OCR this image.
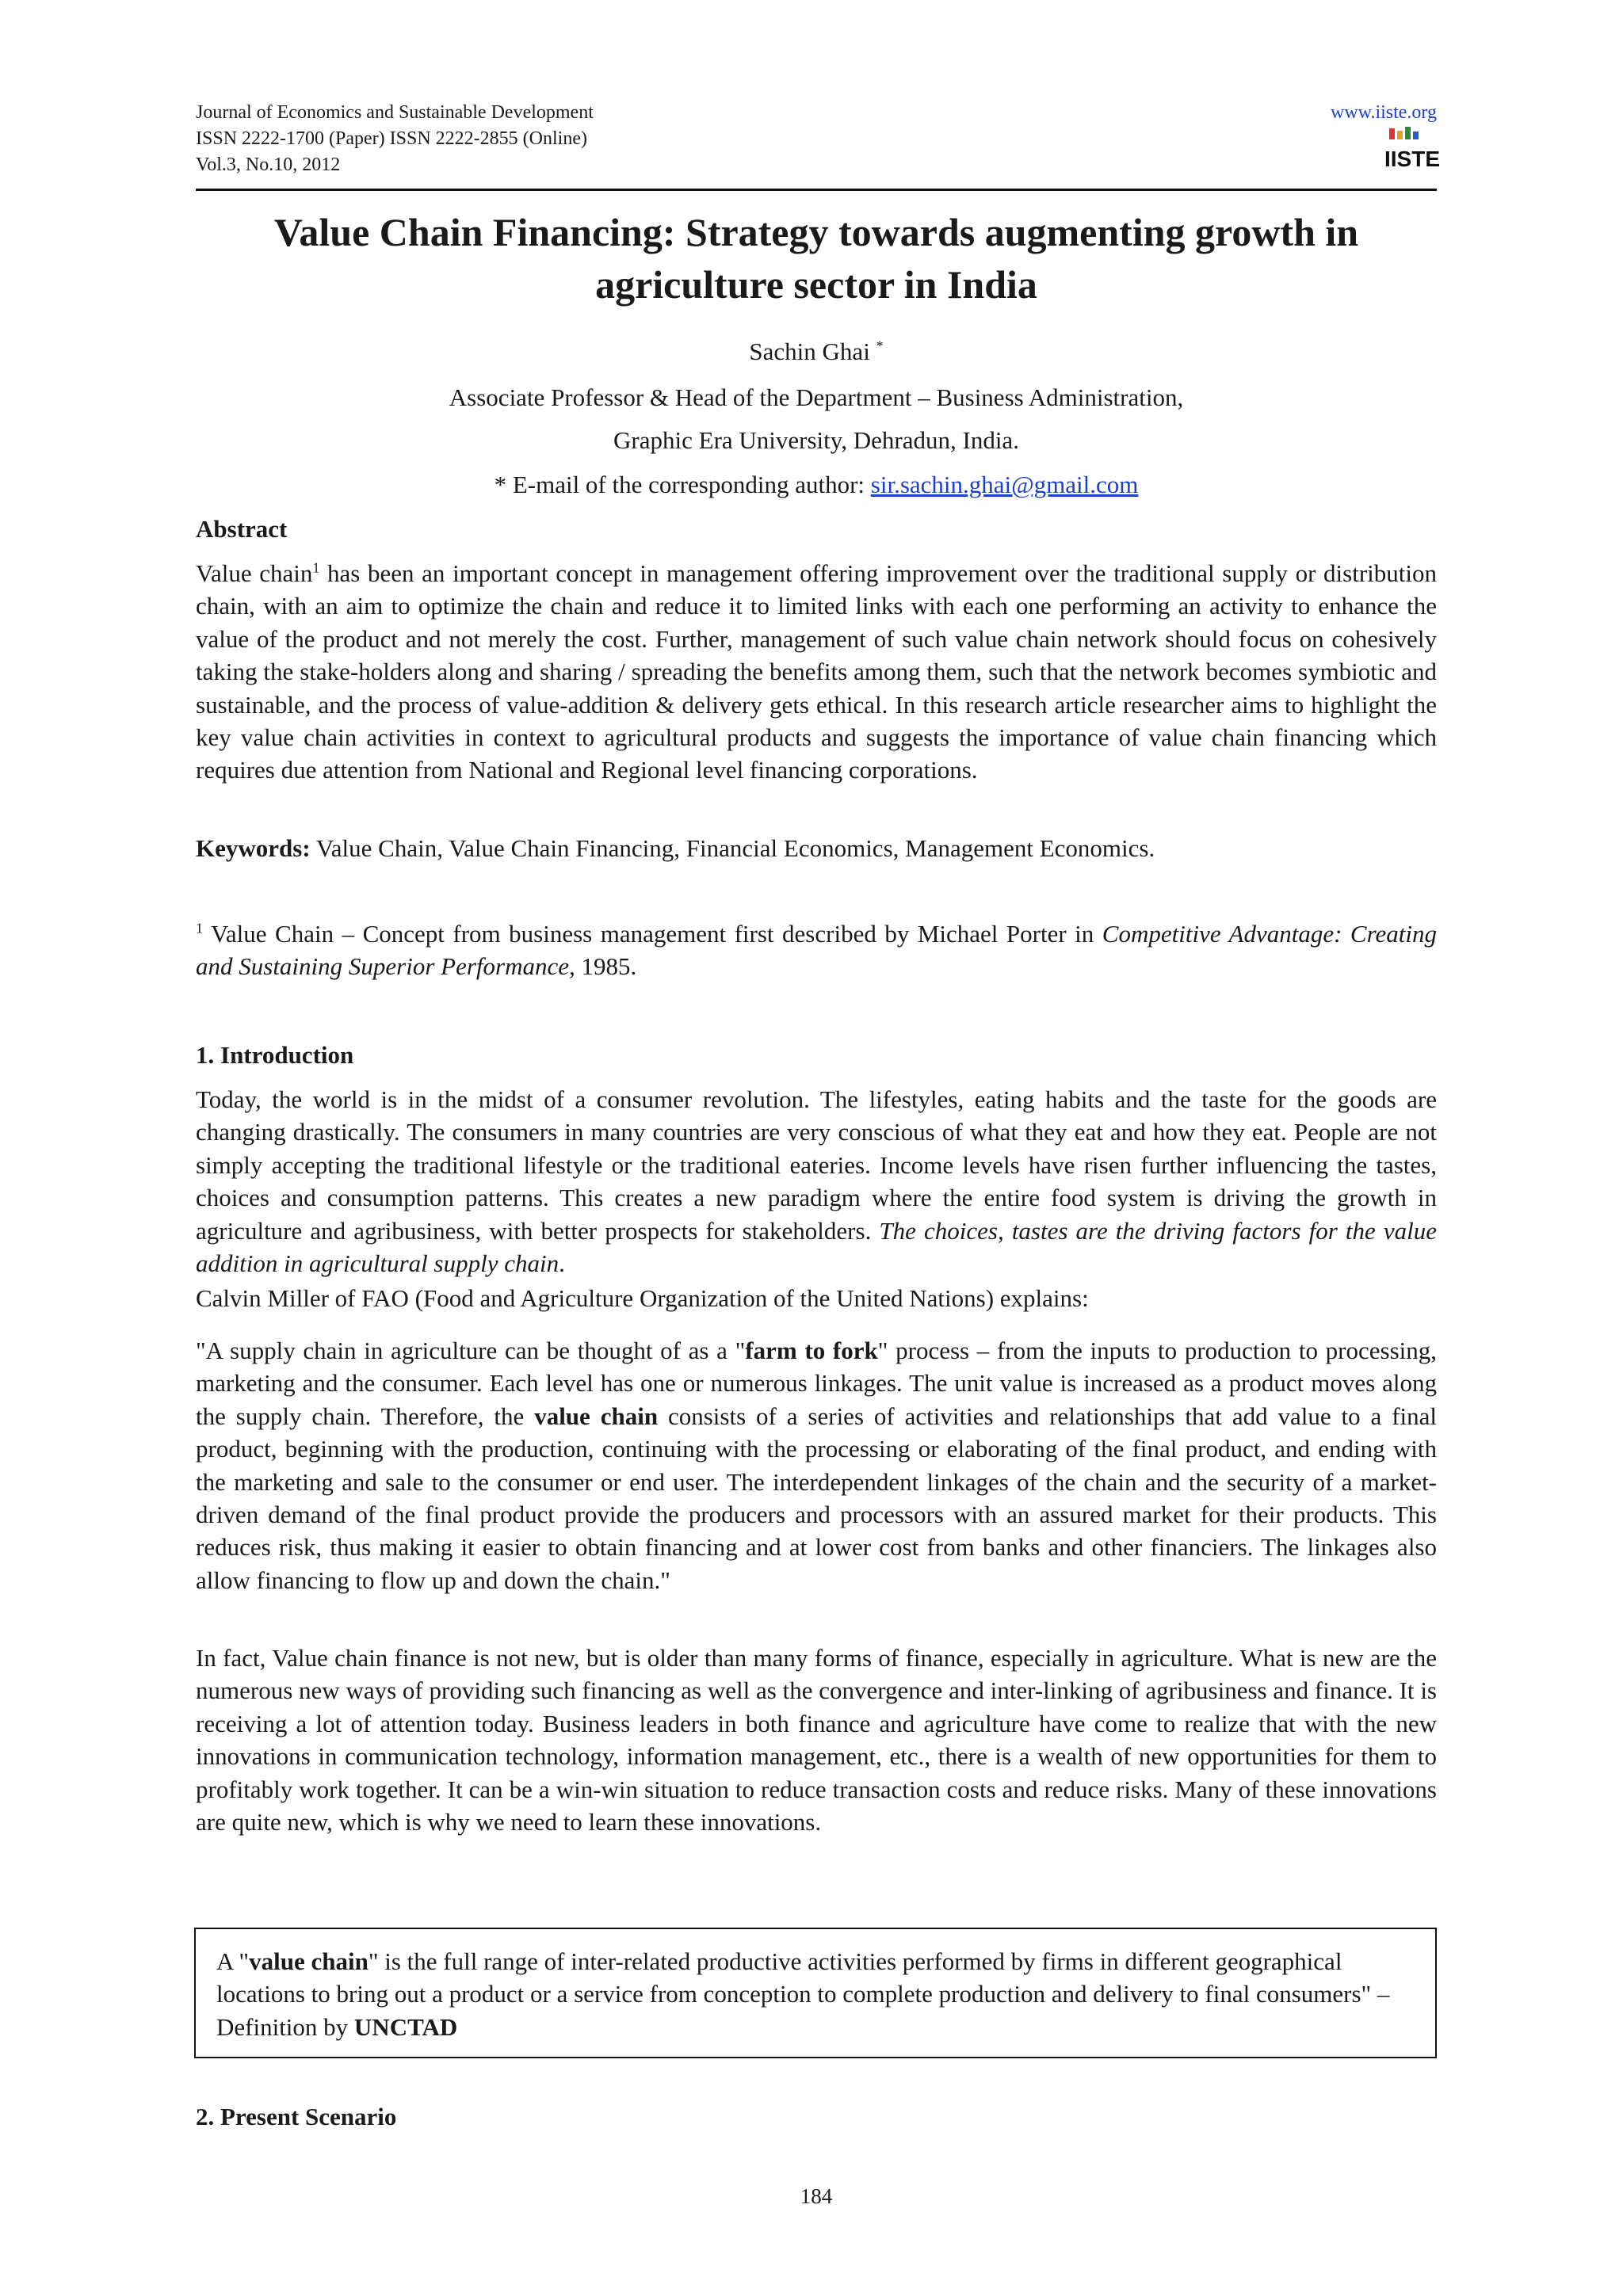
Journal of Economics and Sustainable Development
ISSN 2222-1700 (Paper) ISSN 2222-2855 (Online)
Vol.3, No.10, 2012
www.iiste.org
IISTE
Value Chain Financing: Strategy towards augmenting growth in
agriculture sector in India
Sachin Ghai *
Associate Professor & Head of the Department – Business Administration,
Graphic Era University, Dehradun, India.
* E-mail of the corresponding author: sir.sachin.ghai@gmail.com
Abstract
Value chain$^1$ has been an important concept in management offering improvement over the traditional supply or distribution chain, with an aim to optimize the chain and reduce it to limited links with each one performing an activity to enhance the value of the product and not merely the cost. Further, management of such value chain network should focus on cohesively taking the stake-holders along and sharing / spreading the benefits among them, such that the network becomes symbiotic and sustainable, and the process of value-addition & delivery gets ethical. In this research article researcher aims to highlight the key value chain activities in context to agricultural products and suggests the importance of value chain financing which requires due attention from National and Regional level financing corporations.
Keywords: Value Chain, Value Chain Financing, Financial Economics, Management Economics.
$^1$ Value Chain – Concept from business management first described by Michael Porter in Competitive Advantage: Creating and Sustaining Superior Performance, 1985.
1. Introduction
Today, the world is in the midst of a consumer revolution. The lifestyles, eating habits and the taste for the goods are changing drastically. The consumers in many countries are very conscious of what they eat and how they eat. People are not simply accepting the traditional lifestyle or the traditional eateries. Income levels have risen further influencing the tastes, choices and consumption patterns. This creates a new paradigm where the entire food system is driving the growth in agriculture and agribusiness, with better prospects for stakeholders. The choices, tastes are the driving factors for the value addition in agricultural supply chain.
Calvin Miller of FAO (Food and Agriculture Organization of the United Nations) explains:
"A supply chain in agriculture can be thought of as a "farm to fork" process – from the inputs to production to processing, marketing and the consumer. Each level has one or numerous linkages. The unit value is increased as a product moves along the supply chain. Therefore, the value chain consists of a series of activities and relationships that add value to a final product, beginning with the production, continuing with the processing or elaborating of the final product, and ending with the marketing and sale to the consumer or end user. The interdependent linkages of the chain and the security of a market-driven demand of the final product provide the producers and processors with an assured market for their products. This reduces risk, thus making it easier to obtain financing and at lower cost from banks and other financiers. The linkages also allow financing to flow up and down the chain."
In fact, Value chain finance is not new, but is older than many forms of finance, especially in agriculture. What is new are the numerous new ways of providing such financing as well as the convergence and inter-linking of agribusiness and finance. It is receiving a lot of attention today. Business leaders in both finance and agriculture have come to realize that with the new innovations in communication technology, information management, etc., there is a wealth of new opportunities for them to profitably work together. It can be a win-win situation to reduce transaction costs and reduce risks. Many of these innovations are quite new, which is why we need to learn these innovations.
A "value chain" is the full range of inter-related productive activities performed by firms in different geographical locations to bring out a product or a service from conception to complete production and delivery to final consumers" – Definition by UNCTAD
2. Present Scenario
184
